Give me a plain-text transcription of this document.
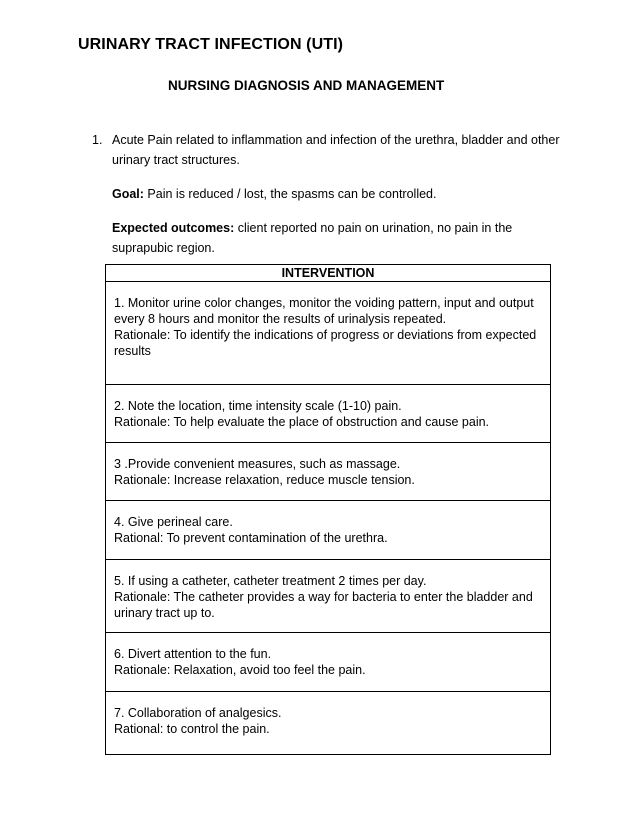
URINARY TRACT INFECTION (UTI)
NURSING DIAGNOSIS AND MANAGEMENT
1. Acute Pain related to inflammation and infection of the urethra, bladder and other
urinary tract structures.

Goal: Pain is reduced / lost, the spasms can be controlled.

Expected outcomes: client reported no pain on urination, no pain in the
suprapubic region.

INTERVENTION

1. Monitor urine color changes, monitor the voiding pattern, input and output
every 8 hours and monitor the results of urinalysis repeated.
Rationale: To identify the indications of progress or deviations from expected
results

2. Note the location, time intensity scale (1-10) pain.
Rationale: To help evaluate the place of obstruction and cause pain.

3 .Provide convenient measures, such as massage.
Rationale: Increase relaxation, reduce muscle tension.

4. Give perineal care.
Rational: To prevent contamination of the urethra.

5. If using a catheter, catheter treatment 2 times per day.
Rationale: The catheter provides a way for bacteria to enter the bladder and
urinary tract up to.

6. Divert attention to the fun.
Rationale: Relaxation, avoid too feel the pain.

7. Collaboration of analgesics.
Rational: to control the pain.
